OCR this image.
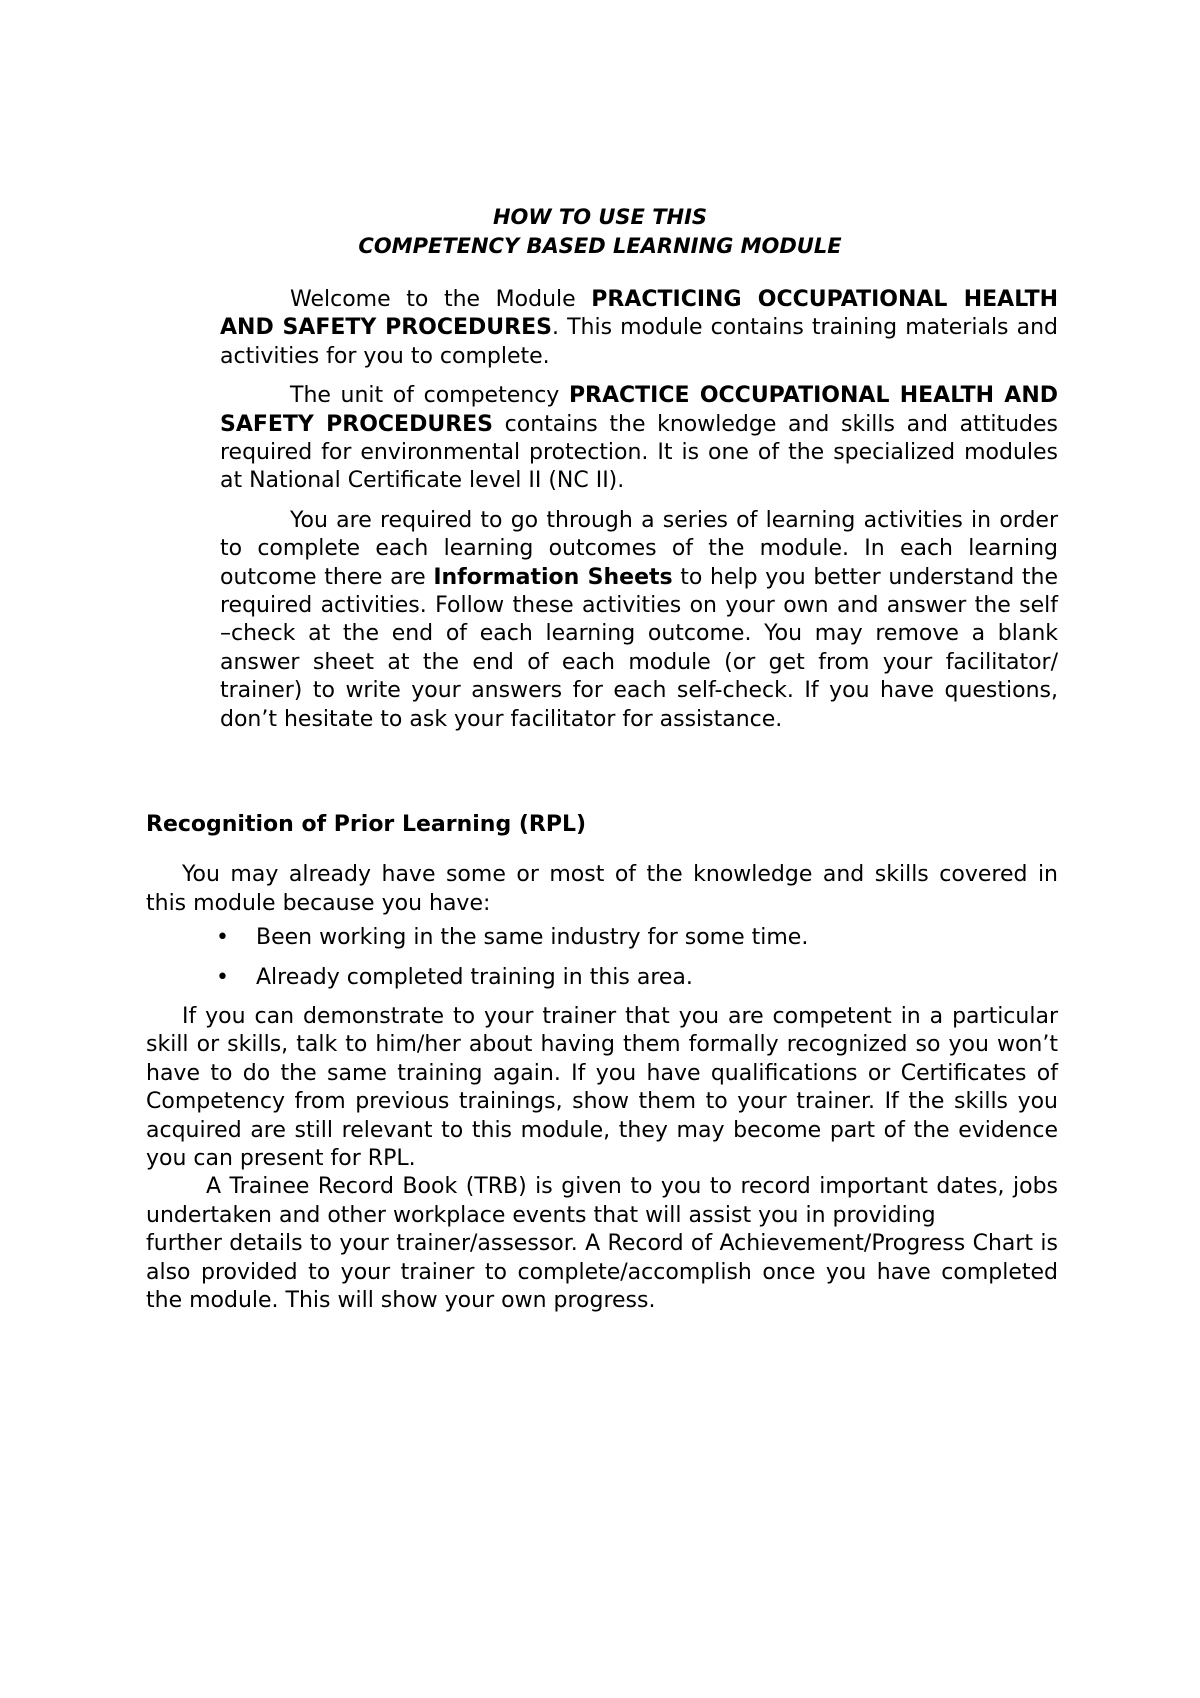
HOW TO USE THIS
COMPETENCY BASED LEARNING MODULE

Welcome to the Module PRACTICING OCCUPATIONAL HEALTH AND SAFETY PROCEDURES. This module contains training materials and activities for you to complete.

The unit of competency PRACTICE OCCUPATIONAL HEALTH AND SAFETY PROCEDURES contains the knowledge and skills and attitudes required for environmental protection. It is one of the specialized modules at National Certificate level II (NC II).

You are required to go through a series of learning activities in order to complete each learning outcomes of the module. In each learning outcome there are Information Sheets to help you better understand the required activities. Follow these activities on your own and answer the self –check at the end of each learning outcome. You may remove a blank answer sheet at the end of each module (or get from your facilitator/ trainer) to write your answers for each self-check. If you have questions, don’t hesitate to ask your facilitator for assistance.

Recognition of Prior Learning (RPL)

You may already have some or most of the knowledge and skills covered in this module because you have:

• Been working in the same industry for some time.
• Already completed training in this area.

If you can demonstrate to your trainer that you are competent in a particular skill or skills, talk to him/her about having them formally recognized so you won’t have to do the same training again. If you have qualifications or Certificates of Competency from previous trainings, show them to your trainer. If the skills you acquired are still relevant to this module, they may become part of the evidence you can present for RPL.

A Trainee Record Book (TRB) is given to you to record important dates, jobs undertaken and other workplace events that will assist you in providing

further details to your trainer/assessor. A Record of Achievement/Progress Chart is also provided to your trainer to complete/accomplish once you have completed the module. This will show your own progress.
